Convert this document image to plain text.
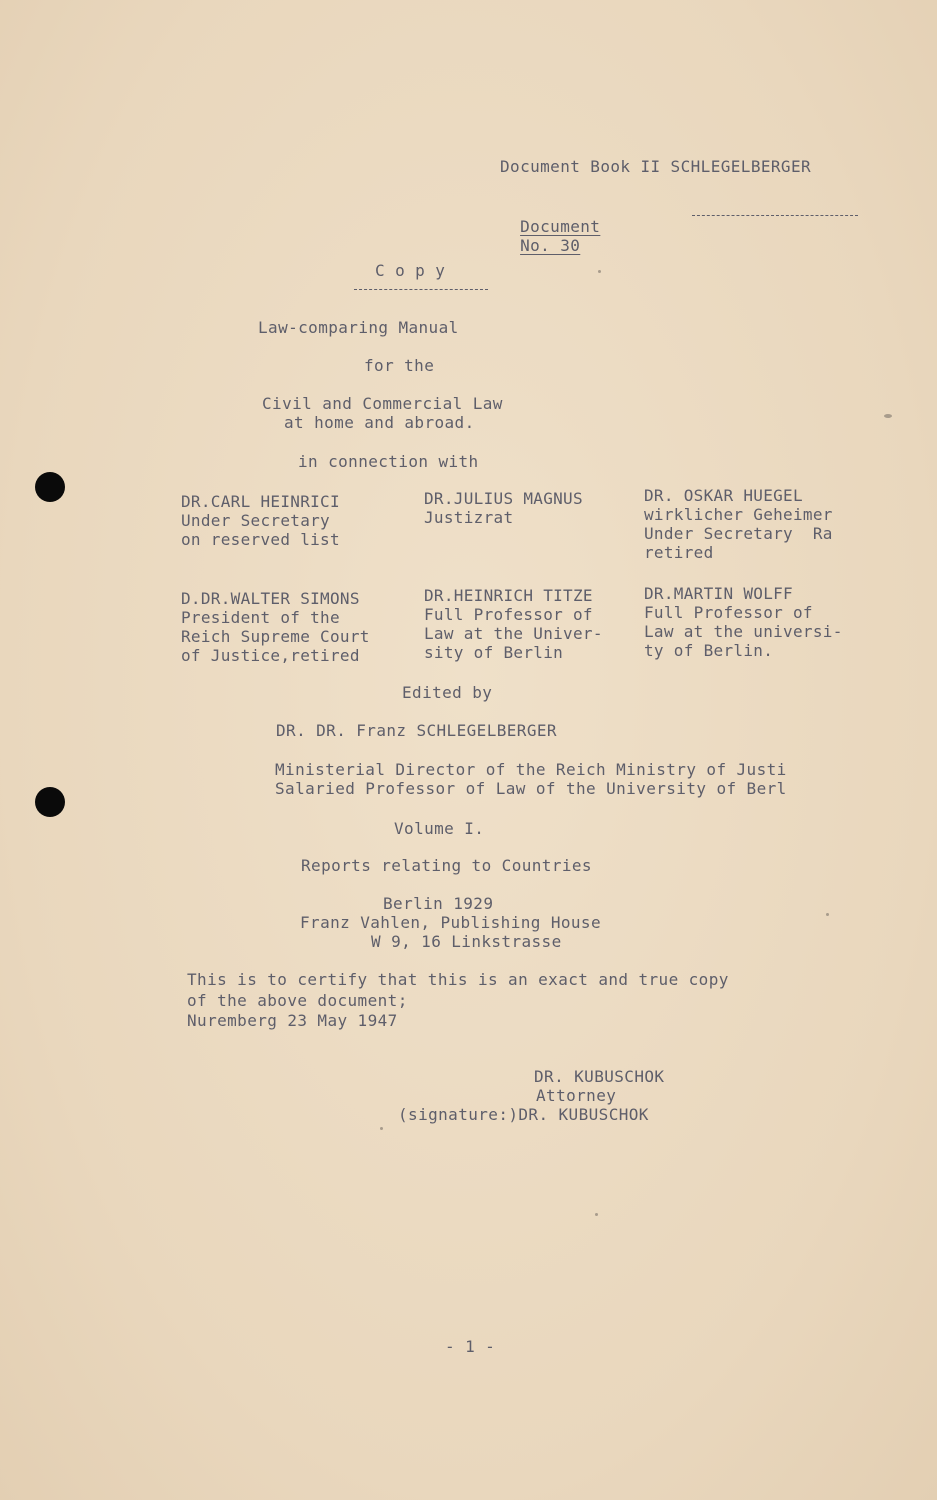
Document Book II SCHLEGELBERGER

Document
No. 30

C o p y
Law-comparing Manual
for the
Civil and Commercial Law
at home and abroad.
in connection with
DR.CARL HEINRICI
Under Secretary
on reserved list
DR.JULIUS MAGNUS
Justizrat
DR. OSKAR HUEGEL
wirklicher Geheimer
Under Secretary  Ra
retired
D.DR.WALTER SIMONS
President of the
Reich Supreme Court
of Justice,retired
DR.HEINRICH TITZE
Full Professor of
Law at the Univer-
sity of Berlin
DR.MARTIN WOLFF
Full Professor of
Law at the universi-
ty of Berlin.
Edited by
DR. DR. Franz SCHLEGELBERGER
Ministerial Director of the Reich Ministry of Justi
Salaried Professor of Law of the University of Berl
Volume I.
Reports relating to Countries
Berlin 1929
Franz Vahlen, Publishing House
W 9, 16 Linkstrasse
This is to certify that this is an exact and true copy
of the above document;
Nuremberg 23 May 1947
DR. KUBUSCHOK
Attorney
(signature:)DR. KUBUSCHOK
- 1 -
